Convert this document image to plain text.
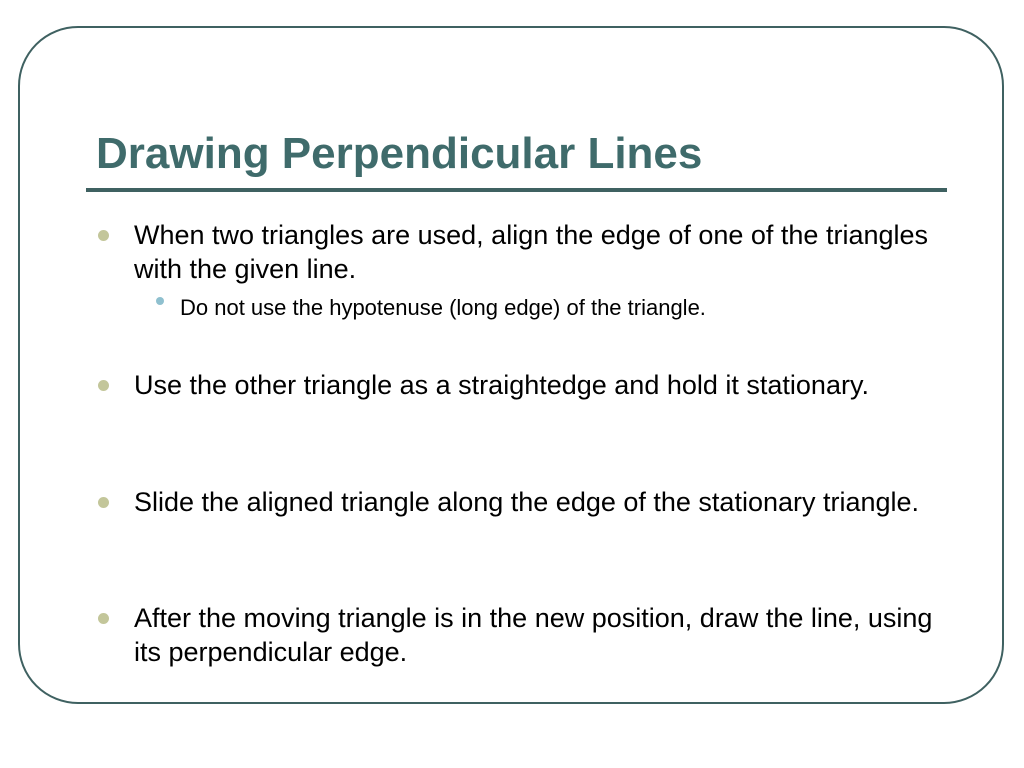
Drawing Perpendicular Lines
When two triangles are used, align the edge of one of the triangles with the given line.
Do not use the hypotenuse (long edge) of the triangle.
Use the other triangle as a straightedge and hold it stationary.
Slide the aligned triangle along the edge of the stationary triangle.
After the moving triangle is in the new position, draw the line, using its perpendicular edge.
